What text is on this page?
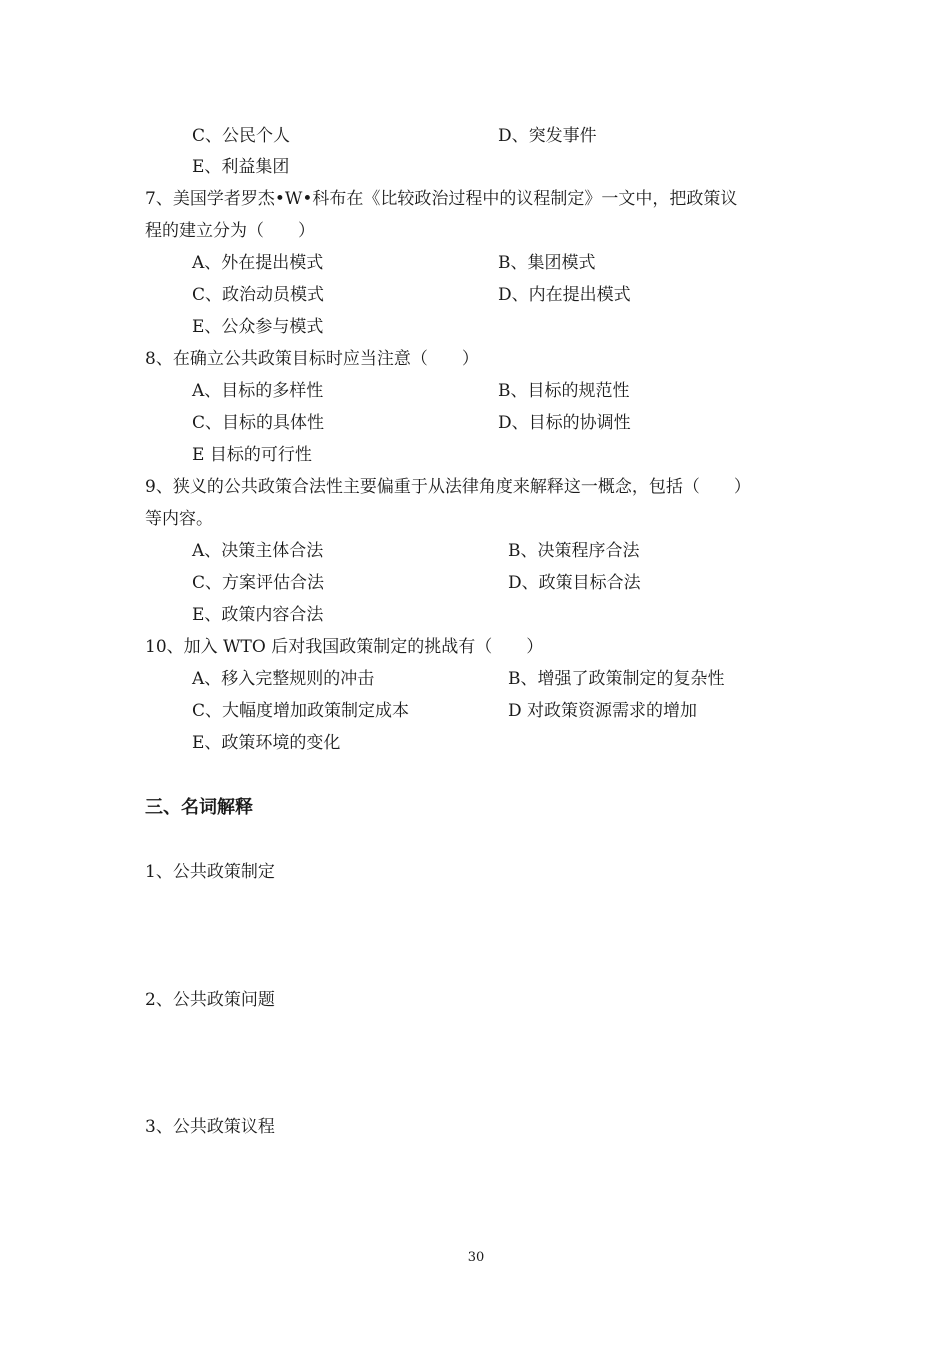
C、公民个人	D、突发事件
E、利益集团
7、美国学者罗杰•W•科布在《比较政治过程中的议程制定》一文中，把政策议
程的建立分为（　　）
A、外在提出模式	B、集团模式
C、政治动员模式	D、内在提出模式
E、公众参与模式
8、在确立公共政策目标时应当注意（　　）
A、目标的多样性	B、目标的规范性
C、目标的具体性	D、目标的协调性
E 目标的可行性
9、狭义的公共政策合法性主要偏重于从法律角度来解释这一概念，包括（　　）
等内容。
A、决策主体合法	B、决策程序合法
C、方案评估合法	D、政策目标合法
E、政策内容合法
10、加入 WTO 后对我国政策制定的挑战有（　　）
A、移入完整规则的冲击	B、增强了政策制定的复杂性
C、大幅度增加政策制定成本	D 对政策资源需求的增加
E、政策环境的变化
三、名词解释
1、公共政策制定
2、公共政策问题
3、公共政策议程
30
